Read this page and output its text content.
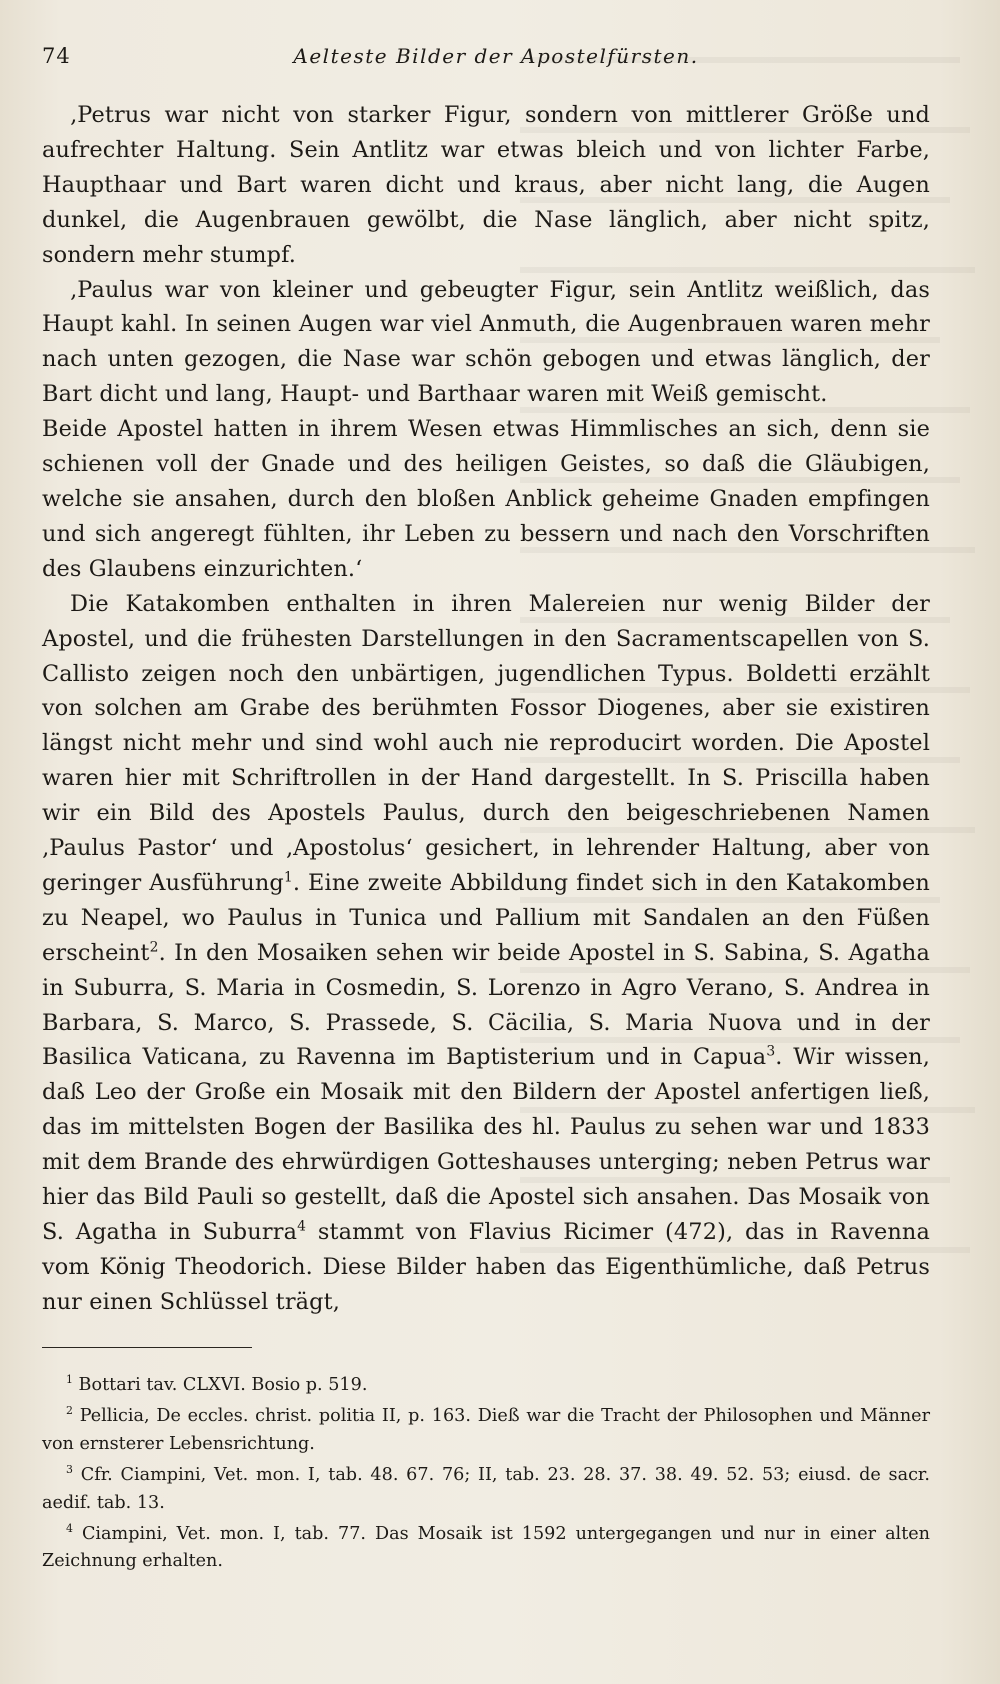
74	Aelteste Bilder der Apostelfürsten.

‚Petrus war nicht von starker Figur, sondern von mittlerer Größe und aufrechter Haltung. Sein Antlitz war etwas bleich und von lichter Farbe, Haupthaar und Bart waren dicht und kraus, aber nicht lang, die Augen dunkel, die Augenbrauen gewölbt, die Nase länglich, aber nicht spitz, sondern mehr stumpf.

‚Paulus war von kleiner und gebeugter Figur, sein Antlitz weißlich, das Haupt kahl. In seinen Augen war viel Anmuth, die Augenbrauen waren mehr nach unten gezogen, die Nase war schön gebogen und etwas länglich, der Bart dicht und lang, Haupt- und Barthaar waren mit Weiß gemischt.

Beide Apostel hatten in ihrem Wesen etwas Himmlisches an sich, denn sie schienen voll der Gnade und des heiligen Geistes, so daß die Gläubigen, welche sie ansahen, durch den bloßen Anblick geheime Gnaden empfingen und sich angeregt fühlten, ihr Leben zu bessern und nach den Vorschriften des Glaubens einzurichten.‘

Die Katakomben enthalten in ihren Malereien nur wenig Bilder der Apostel, und die frühesten Darstellungen in den Sacramentscapellen von S. Callisto zeigen noch den unbärtigen, jugendlichen Typus. Boldetti erzählt von solchen am Grabe des berühmten Fossor Diogenes, aber sie existiren längst nicht mehr und sind wohl auch nie reproducirt worden. Die Apostel waren hier mit Schriftrollen in der Hand dargestellt. In S. Priscilla haben wir ein Bild des Apostels Paulus, durch den beigeschriebenen Namen ‚Paulus Pastor‘ und ‚Apostolus‘ gesichert, in lehrender Haltung, aber von geringer Ausführung$^1$. Eine zweite Abbildung findet sich in den Katakomben zu Neapel, wo Paulus in Tunica und Pallium mit Sandalen an den Füßen erscheint$^2$. In den Mosaiken sehen wir beide Apostel in S. Sabina, S. Agatha in Suburra, S. Maria in Cosmedin, S. Lorenzo in Agro Verano, S. Andrea in Barbara, S. Marco, S. Prassede, S. Cäcilia, S. Maria Nuova und in der Basilica Vaticana, zu Ravenna im Baptisterium und in Capua$^3$. Wir wissen, daß Leo der Große ein Mosaik mit den Bildern der Apostel anfertigen ließ, das im mittelsten Bogen der Basilika des hl. Paulus zu sehen war und 1833 mit dem Brande des ehrwürdigen Gotteshauses unterging; neben Petrus war hier das Bild Pauli so gestellt, daß die Apostel sich ansahen. Das Mosaik von S. Agatha in Suburra$^4$ stammt von Flavius Ricimer (472), das in Ravenna vom König Theodorich. Diese Bilder haben das Eigenthümliche, daß Petrus nur einen Schlüssel trägt,

$^1$ Bottari tav. CLXVI. Bosio p. 519.

$^2$ Pellicia, De eccles. christ. politia II, p. 163. Dieß war die Tracht der Philosophen und Männer von ernsterer Lebensrichtung.

$^3$ Cfr. Ciampini, Vet. mon. I, tab. 48. 67. 76; II, tab. 23. 28. 37. 38. 49. 52. 53; eiusd. de sacr. aedif. tab. 13.

$^4$ Ciampini, Vet. mon. I, tab. 77. Das Mosaik ist 1592 untergegangen und nur in einer alten Zeichnung erhalten.
